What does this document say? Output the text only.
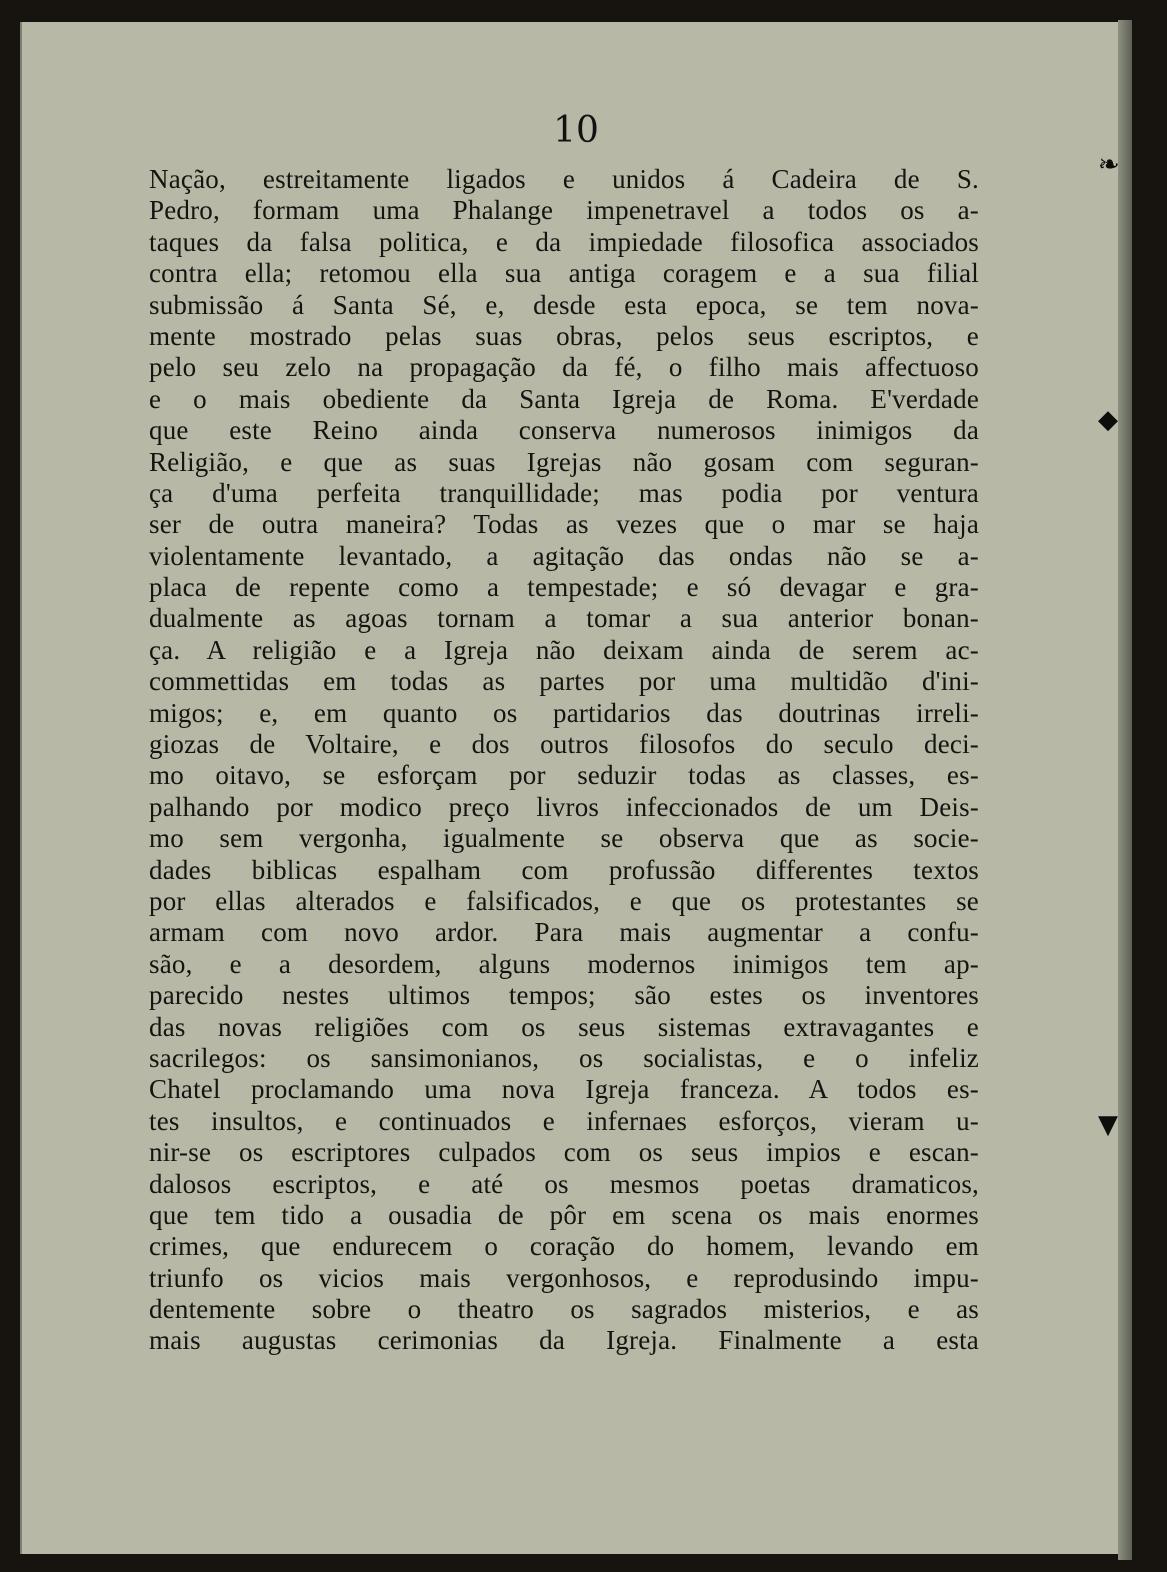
10
Nação, estreitamente ligados e unidos á Cadeira de S.
Pedro, formam uma Phalange impenetravel a todos os a-
taques da falsa politica, e da impiedade filosofica associados
contra ella; retomou ella sua antiga coragem e a sua filial
submissão á Santa Sé, e, desde esta epoca, se tem nova-
mente mostrado pelas suas obras, pelos seus escriptos, e
pelo seu zelo na propagação da fé, o filho mais affectuoso
e o mais obediente da Santa Igreja de Roma. E'verdade
que este Reino ainda conserva numerosos inimigos da
Religião, e que as suas Igrejas não gosam com seguran-
ça d'uma perfeita tranquillidade; mas podia por ventura
ser de outra maneira? Todas as vezes que o mar se haja
violentamente levantado, a agitação das ondas não se a-
placa de repente como a tempestade; e só devagar e gra-
dualmente as agoas tornam a tomar a sua anterior bonan-
ça. A religião e a Igreja não deixam ainda de serem ac-
commettidas em todas as partes por uma multidão d'ini-
migos; e, em quanto os partidarios das doutrinas irreli-
giozas de Voltaire, e dos outros filosofos do seculo deci-
mo oitavo, se esforçam por seduzir todas as classes, es-
palhando por modico preço livros infeccionados de um Deis-
mo sem vergonha, igualmente se observa que as socie-
dades biblicas espalham com profussão differentes textos
por ellas alterados e falsificados, e que os protestantes se
armam com novo ardor. Para mais augmentar a confu-
são, e a desordem, alguns modernos inimigos tem ap-
parecido nestes ultimos tempos; são estes os inventores
das novas religiões com os seus sistemas extravagantes e
sacrilegos: os sansimonianos, os socialistas, e o infeliz
Chatel proclamando uma nova Igreja franceza. A todos es-
tes insultos, e continuados e infernaes esforços, vieram u-
nir-se os escriptores culpados com os seus impios e escan-
dalosos escriptos, e até os mesmos poetas dramaticos,
que tem tido a ousadia de pôr em scena os mais enormes
crimes, que endurecem o coração do homem, levando em
triunfo os vicios mais vergonhosos, e reprodusindo impu-
dentemente sobre o theatro os sagrados misterios, e as
mais augustas cerimonias da Igreja. Finalmente a esta
❧
◆
▼
